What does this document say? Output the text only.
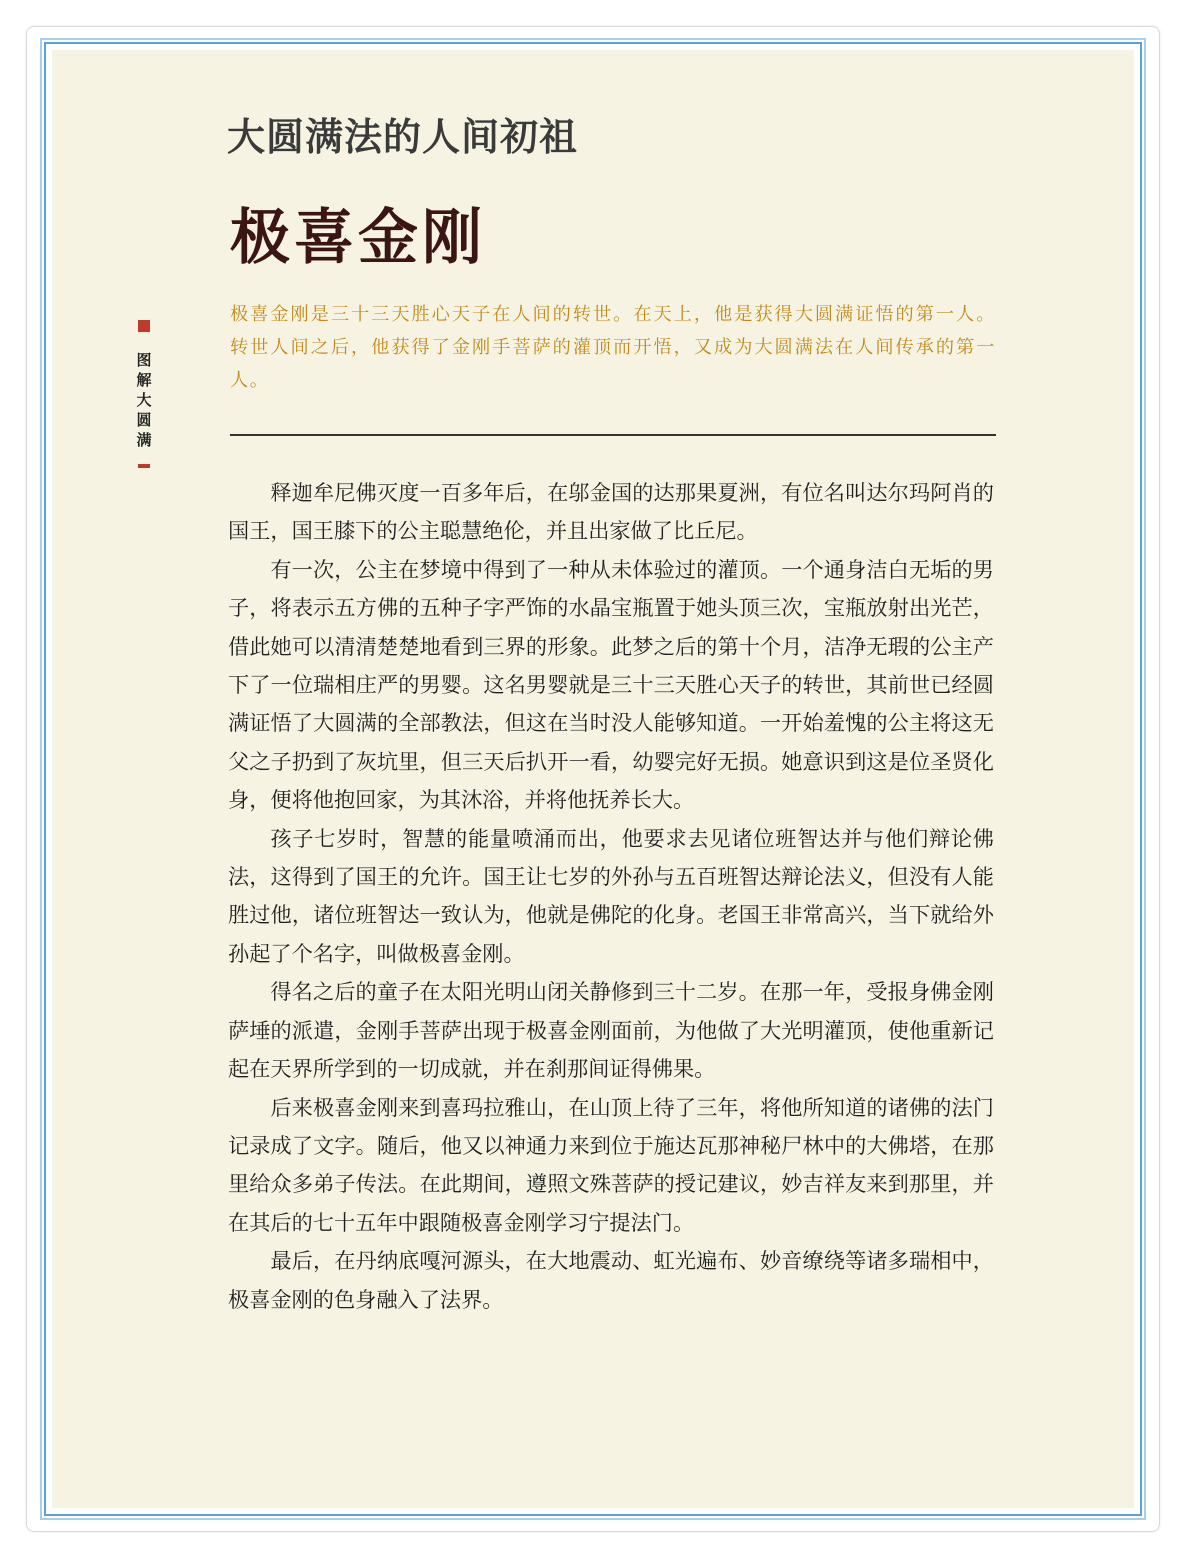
大圆满法的人间初祖
极喜金刚
图解大圆满
极喜金刚是三十三天胜心天子在人间的转世。在天上，他是获得大圆满证悟的第一人。转世人间之后，他获得了金刚手菩萨的灌顶而开悟，又成为大圆满法在人间传承的第一人。

释迦牟尼佛灭度一百多年后，在邬金国的达那果夏洲，有位名叫达尔玛阿肖的国王，国王膝下的公主聪慧绝伦，并且出家做了比丘尼。

有一次，公主在梦境中得到了一种从未体验过的灌顶。一个通身洁白无垢的男子，将表示五方佛的五种子字严饰的水晶宝瓶置于她头顶三次，宝瓶放射出光芒，借此她可以清清楚楚地看到三界的形象。此梦之后的第十个月，洁净无瑕的公主产下了一位瑞相庄严的男婴。这名男婴就是三十三天胜心天子的转世，其前世已经圆满证悟了大圆满的全部教法，但这在当时没人能够知道。一开始羞愧的公主将这无父之子扔到了灰坑里，但三天后扒开一看，幼婴完好无损。她意识到这是位圣贤化身，便将他抱回家，为其沐浴，并将他抚养长大。

孩子七岁时，智慧的能量喷涌而出，他要求去见诸位班智达并与他们辩论佛法，这得到了国王的允许。国王让七岁的外孙与五百班智达辩论法义，但没有人能胜过他，诸位班智达一致认为，他就是佛陀的化身。老国王非常高兴，当下就给外孙起了个名字，叫做极喜金刚。

得名之后的童子在太阳光明山闭关静修到三十二岁。在那一年，受报身佛金刚萨埵的派遣，金刚手菩萨出现于极喜金刚面前，为他做了大光明灌顶，使他重新记起在天界所学到的一切成就，并在刹那间证得佛果。

后来极喜金刚来到喜玛拉雅山，在山顶上待了三年，将他所知道的诸佛的法门记录成了文字。随后，他又以神通力来到位于施达瓦那神秘尸林中的大佛塔，在那里给众多弟子传法。在此期间，遵照文殊菩萨的授记建议，妙吉祥友来到那里，并在其后的七十五年中跟随极喜金刚学习宁提法门。

最后，在丹纳底嘎河源头，在大地震动、虹光遍布、妙音缭绕等诸多瑞相中，极喜金刚的色身融入了法界。
